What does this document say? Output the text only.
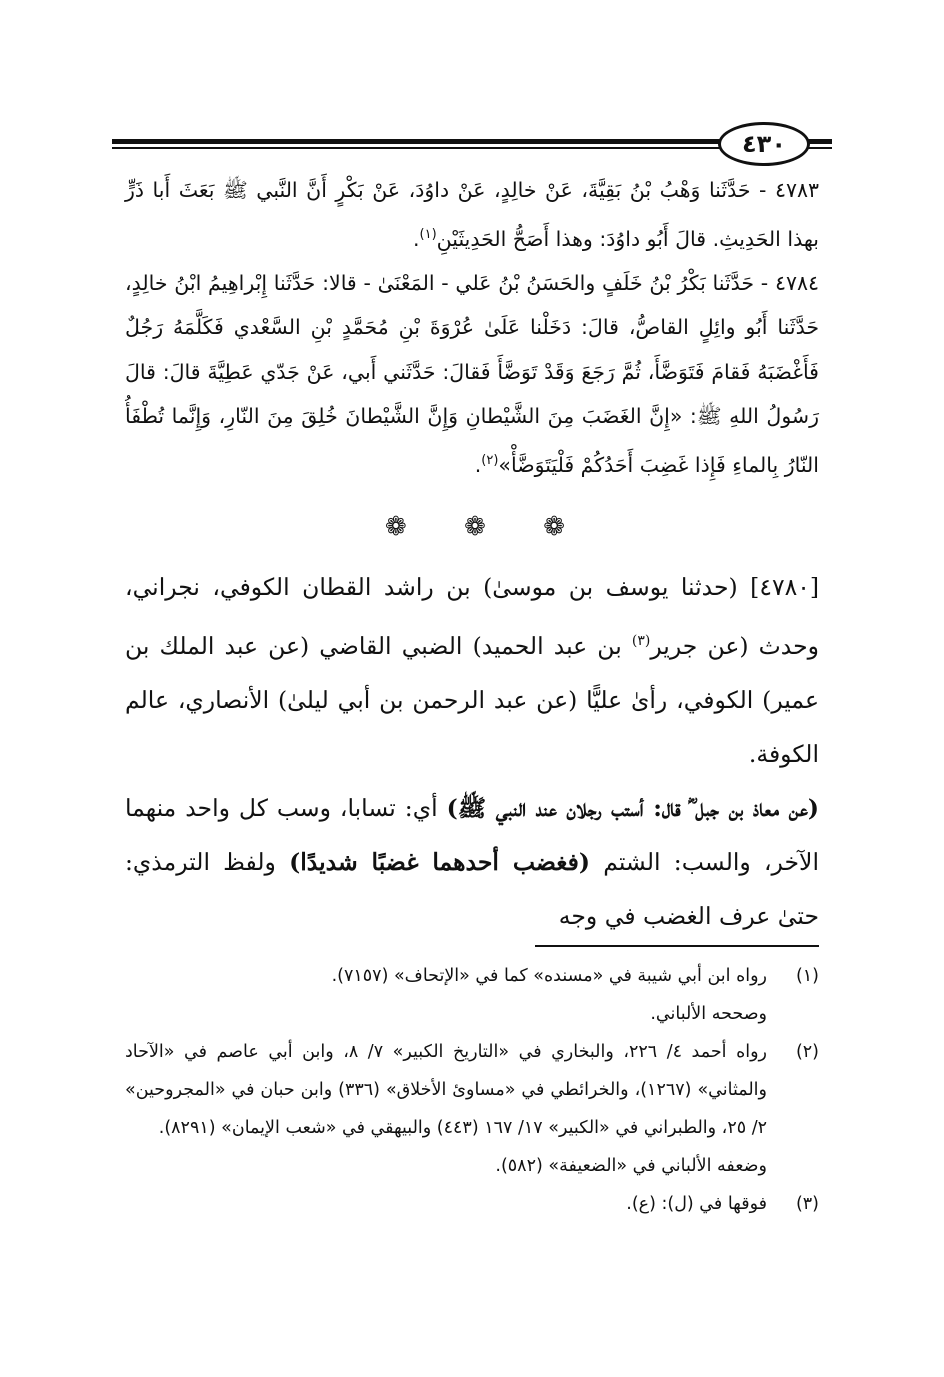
٤٣٠

٤٧٨٣ - حَدَّثَنا وَهْبُ بْنُ بَقِيَّةَ، عَنْ خالِدٍ، عَنْ داوُدَ، عَنْ بَكْرٍ أَنَّ النَّبي ﷺ بَعَثَ أَبا ذَرٍّ بهذا الحَدِيثِ. قالَ أَبُو داوُدَ: وهذا أَصَحُّ الحَدِيثَيْنِ$^{(١)}$.

٤٧٨٤ - حَدَّثَنا بَكْرُ بْنُ خَلَفٍ والحَسَنُ بْنُ عَلي - المَعْنَىٰ - قالا: حَدَّثَنا إِبْراهِيمُ ابْنُ خالِدٍ، حَدَّثَنا أَبُو وائِلٍ القاصُّ، قالَ: دَخَلْنا عَلَىٰ عُرْوَةَ بْنِ مُحَمَّدٍ بْنِ السَّعْدي فَكَلَّمَهُ رَجُلٌ فَأَغْضَبَهُ فَقامَ فَتَوَضَّأَ، ثُمَّ رَجَعَ وَقَدْ تَوَضَّأَ فَقالَ: حَدَّثَني أَبي، عَنْ جَدّي عَطِيَّةَ قالَ: قالَ رَسُولُ اللهِ ﷺ: «إِنَّ الغَضَبَ مِنَ الشَّيْطانِ وَإِنَّ الشَّيْطانَ خُلِقَ مِنَ النّارِ، وَإِنَّما تُطْفَأُ النّارُ بِالماءِ فَإِذا غَضِبَ أَحَدُكُمْ فَلْيَتَوَضَّأْ»$^{(٢)}$.

❁ ❁ ❁

[٤٧٨٠] (حدثنا يوسف بن موسىٰ) بن راشد القطان الكوفي، نجراني، وحدث (عن جرير$^{(٣)}$ بن عبد الحميد) الضبي القاضي (عن عبد الملك بن عمير) الكوفي، رأىٰ عليًّا (عن عبد الرحمن بن أبي ليلىٰ) الأنصاري، عالم الكوفة.

(عن معاذ بن جبل ؓ قال: أستب رجلان عند النبي ﷺ) أي: تسابا، وسب كل واحد منهما الآخر، والسب: الشتم (فغضب أحدهما غضبًا شديدًا) ولفظ الترمذي: حتىٰ عرف الغضب في وجه

(١)
رواه ابن أبي شيبة في «مسنده» كما في «الإتحاف» (٧١٥٧).
وصححه الألباني.
(٢)
رواه أحمد ٤/ ٢٢٦، والبخاري في «التاريخ الكبير» ٧/ ٨، وابن أبي عاصم في «الآحاد والمثاني» (١٢٦٧)، والخرائطي في «مساوئ الأخلاق» (٣٣٦) وابن حبان في «المجروحين» ٢/ ٢٥، والطبراني في «الكبير» ١٧/ ١٦٧ (٤٤٣) والبيهقي في «شعب الإيمان» (٨٢٩١).
وضعفه الألباني في «الضعيفة» (٥٨٢).
(٣)
فوقها في (ل): (ع).
